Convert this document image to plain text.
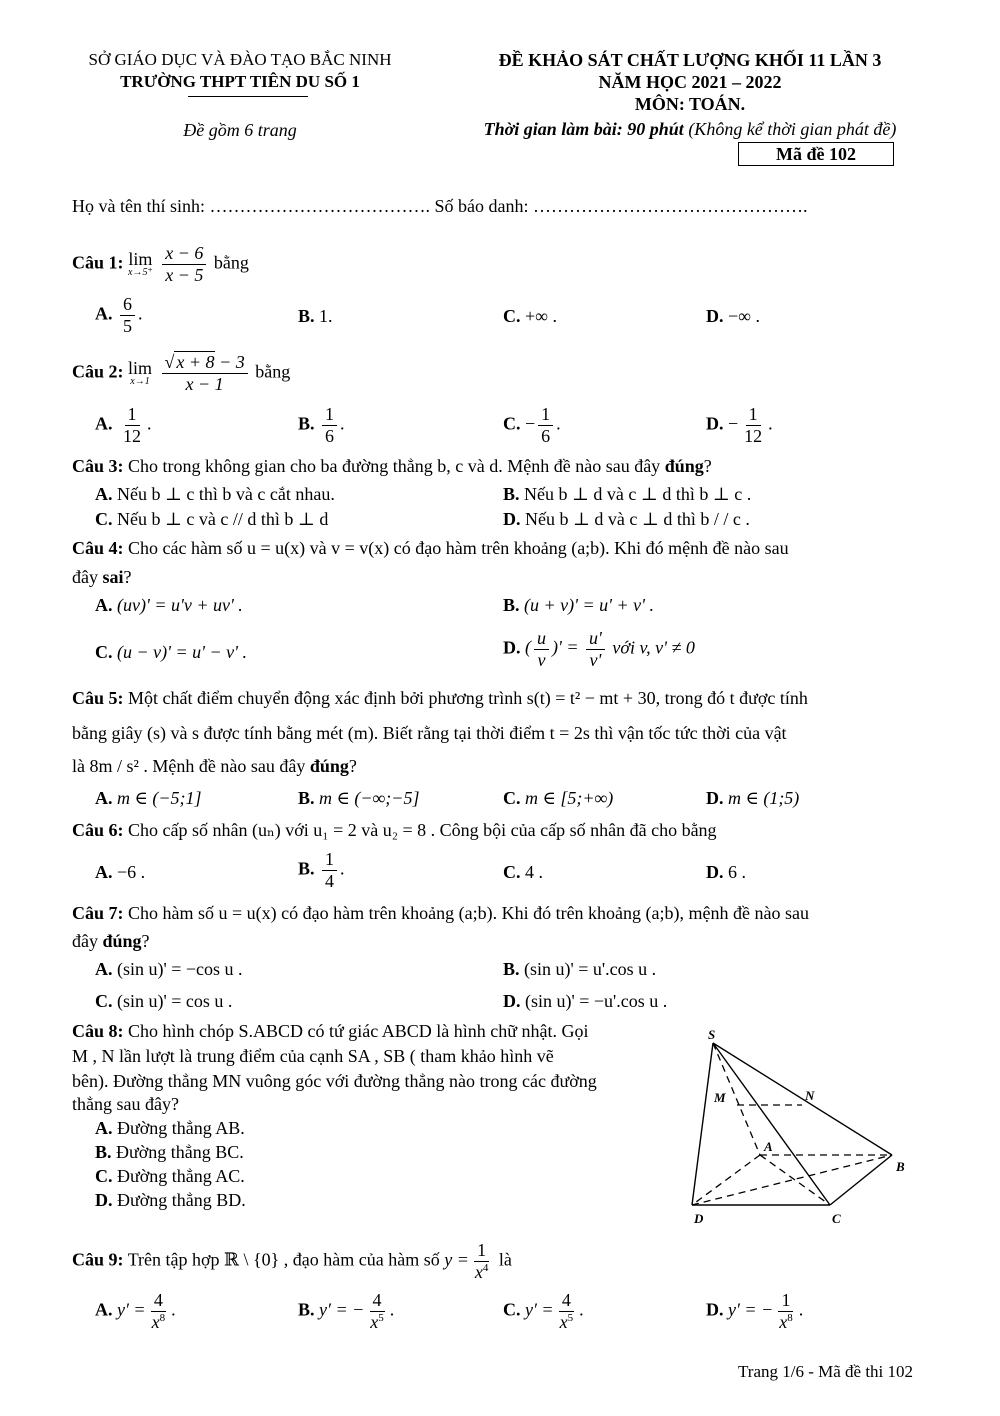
SỞ GIÁO DỤC VÀ ĐÀO TẠO BẮC NINH
TRƯỜNG THPT TIÊN DU SỐ 1
Đề gồm 6 trang
ĐỀ KHẢO SÁT CHẤT LƯỢNG KHỐI 11 LẦN 3
NĂM HỌC 2021 – 2022
MÔN: TOÁN.
Thời gian làm bài: 90 phút (Không kể thời gian phát đề)
Mã đề 102
Họ và tên thí sinh: ………………………………. Số báo danh: ……………………………………….
Câu 1: lim
x→5⁺
$\frac{x - 6}{x - 5}$ bằng
A. $\frac{6}{5}$ .	B. 1.	C. +∞ .	D. −∞ .
Câu 2: lim
x→1
$\frac{√ x + 8 - 3}{x - 1}$ bằng
A. $\frac{1}{12}$ .	B. $\frac{1}{6}$ .	C. − $\frac{1}{6}$ .	D. − $\frac{1}{12}$ .
Câu 3: Cho trong không gian cho ba đường thẳng b, c và d. Mệnh đề nào sau đây đúng?
A. Nếu b ⊥ c thì b và c cắt nhau.	B. Nếu b ⊥ d và c ⊥ d thì b ⊥ c .
C. Nếu b ⊥ c và c // d thì b ⊥ d	D. Nếu b ⊥ d và c ⊥ d thì b / / c .
Câu 4: Cho các hàm số u = u(x) và v = v(x) có đạo hàm trên khoảng (a;b). Khi đó mệnh đề nào sau
đây sai?
A. (uv)' = u'v + uv' .	B. (u + v)' = u' + v' .
C. (u − v)' = u' − v' .	D. ( $\frac{u}{v}$ )' = $\frac{u'}{v'}$ với v, v' ≠ 0
Câu 5: Một chất điểm chuyển động xác định bởi phương trình s(t) = t² − mt + 30, trong đó t được tính
bằng giây (s) và s được tính bằng mét (m). Biết rằng tại thời điểm t = 2s thì vận tốc tức thời của vật
là 8m / s² . Mệnh đề nào sau đây đúng?
A. m ∈ (−5;1]	B. m ∈ (−∞;−5]	C. m ∈ [5;+∞)	D. m ∈ (1;5)
Câu 6: Cho cấp số nhân (uₙ) với u₁ = 2 và u₂ = 8 . Công bội của cấp số nhân đã cho bằng
A. −6 .	B. $\frac{1}{4}$ .	C. 4 .	D. 6 .
Câu 7: Cho hàm số u = u(x) có đạo hàm trên khoảng (a;b). Khi đó trên khoảng (a;b), mệnh đề nào sau
đây đúng?
A. (sin u)' = −cos u .	B. (sin u)' = u'.cos u .
C. (sin u)' = cos u .	D. (sin u)' = −u'.cos u .
Câu 8: Cho hình chóp S.ABCD có tứ giác ABCD là hình chữ nhật. Gọi
M , N lần lượt là trung điểm của cạnh SA , SB ( tham khảo hình vẽ
bên). Đường thẳng MN vuông góc với đường thẳng nào trong các đường
thẳng sau đây?
A. Đường thẳng AB.
B. Đường thẳng BC.
C. Đường thẳng AC.
D. Đường thẳng BD.
S
M	N
A
B
C
D
Câu 9: Trên tập hợp ℝ \ {0} , đạo hàm của hàm số $y = \frac{1}{x^4}$ là
A. $y' = \frac{4}{x^8}$ .	B. y′ = − $\frac{4}{x^5}$ .	C. $y' = \frac{4}{x^5}$ .	D. y′ = − $\frac{1}{x^8}$ .
Trang 1/6 - Mã đề thi 102
